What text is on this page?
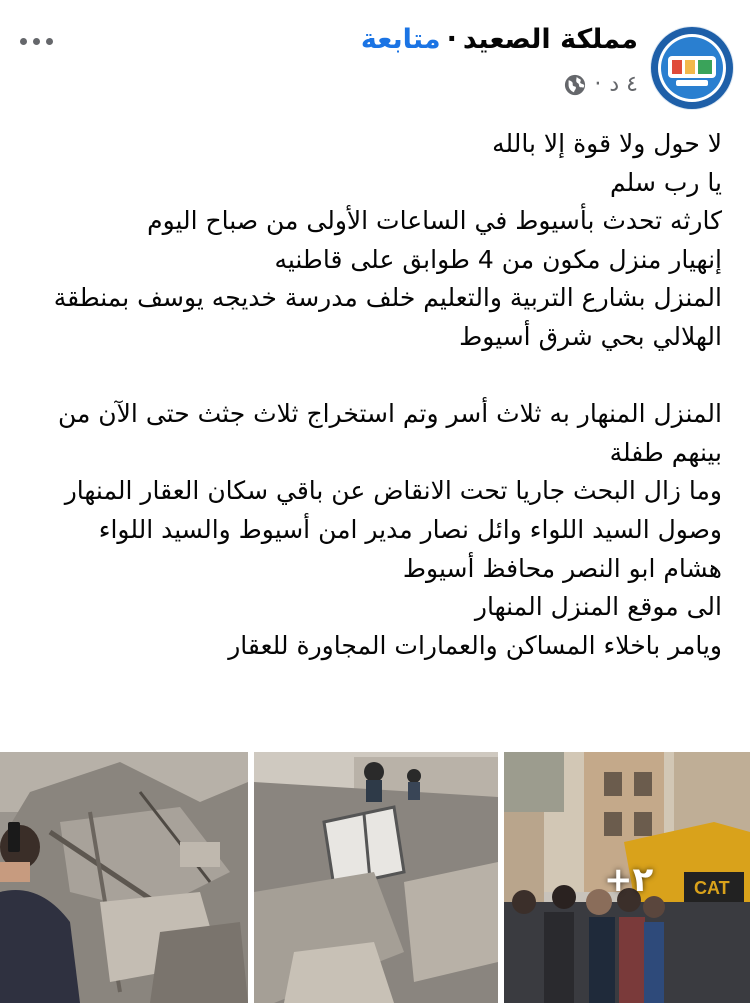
مملكة الصعيد·متابعة
٤ د
·
لا حول ولا قوة إلا بالله
يا رب سلم
كارثه تحدث بأسيوط في الساعات الأولى من صباح اليوم
إنهيار منزل مكون من 4 طوابق على قاطنيه
المنزل بشارع التربية والتعليم خلف مدرسة خديجه يوسف بمنطقة
الهلالي بحي شرق أسيوط
المنزل المنهار به ثلاث أسر وتم استخراج ثلاث جثث حتى الآن من
بينهم طفلة
وما زال البحث جاريا تحت الانقاض عن باقي سكان العقار المنهار
وصول السيد اللواء وائل نصار مدير امن أسيوط والسيد اللواء
هشام ابو النصر محافظ أسيوط
الى موقع المنزل المنهار
ويامر باخلاء المساكن والعمارات المجاورة للعقار
CAT
+٢
